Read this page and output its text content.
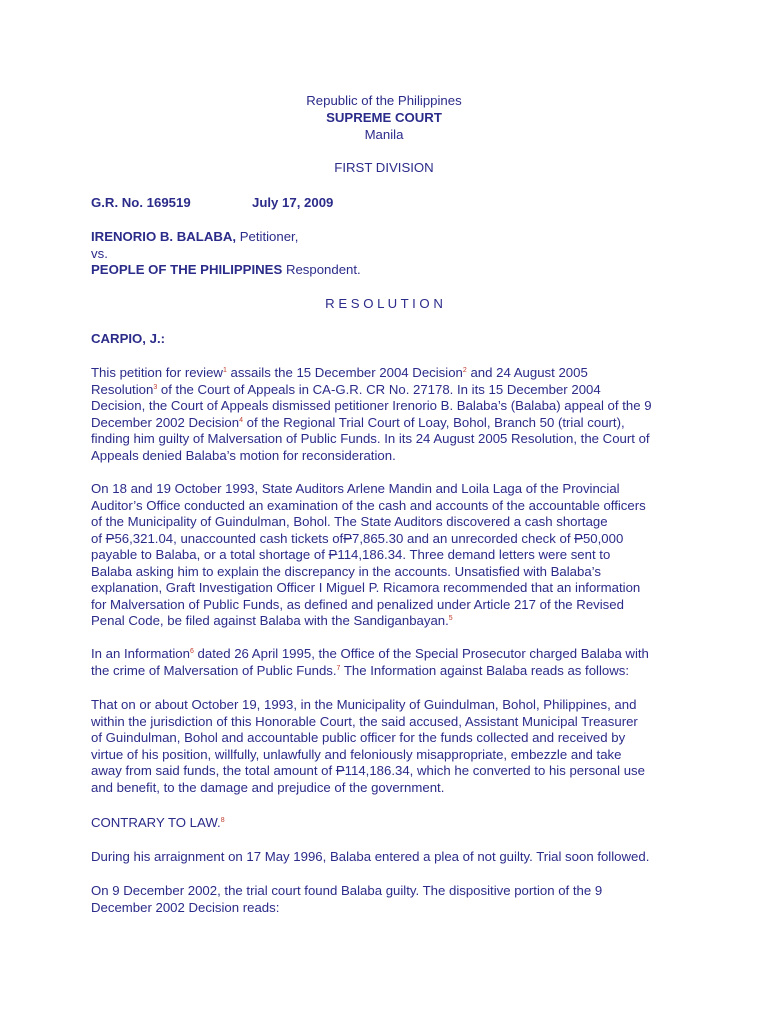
Republic of the Philippines
SUPREME COURT
Manila
FIRST DIVISION
G.R. No. 169519	July 17, 2009
IRENORIO B. BALABA, Petitioner,
vs.
PEOPLE OF THE PHILIPPINES Respondent.
R E S O L U T I O N
CARPIO, J.:
This petition for review$^1$ assails the 15 December 2004 Decision$^2$ and 24 August 2005
Resolution$^3$ of the Court of Appeals in CA-G.R. CR No. 27178. In its 15 December 2004
Decision, the Court of Appeals dismissed petitioner Irenorio B. Balaba’s (Balaba) appeal of the 9
December 2002 Decision$^4$ of the Regional Trial Court of Loay, Bohol, Branch 50 (trial court),
finding him guilty of Malversation of Public Funds. In its 24 August 2005 Resolution, the Court of
Appeals denied Balaba’s motion for reconsideration.
On 18 and 19 October 1993, State Auditors Arlene Mandin and Loila Laga of the Provincial
Auditor’s Office conducted an examination of the cash and accounts of the accountable officers
of the Municipality of Guindulman, Bohol. The State Auditors discovered a cash shortage
of P56,321.04, unaccounted cash tickets ofP7,865.30 and an unrecorded check of P50,000
payable to Balaba, or a total shortage of P114,186.34. Three demand letters were sent to
Balaba asking him to explain the discrepancy in the accounts. Unsatisfied with Balaba’s
explanation, Graft Investigation Officer I Miguel P. Ricamora recommended that an information
for Malversation of Public Funds, as defined and penalized under Article 217 of the Revised
Penal Code, be filed against Balaba with the Sandiganbayan.$^5$
In an Information$^6$ dated 26 April 1995, the Office of the Special Prosecutor charged Balaba with
the crime of Malversation of Public Funds.$^7$ The Information against Balaba reads as follows:
That on or about October 19, 1993, in the Municipality of Guindulman, Bohol, Philippines, and
within the jurisdiction of this Honorable Court, the said accused, Assistant Municipal Treasurer
of Guindulman, Bohol and accountable public officer for the funds collected and received by
virtue of his position, willfully, unlawfully and feloniously misappropriate, embezzle and take
away from said funds, the total amount of P114,186.34, which he converted to his personal use
and benefit, to the damage and prejudice of the government.
CONTRARY TO LAW.$^8$
During his arraignment on 17 May 1996, Balaba entered a plea of not guilty. Trial soon followed.
On 9 December 2002, the trial court found Balaba guilty. The dispositive portion of the 9
December 2002 Decision reads:
